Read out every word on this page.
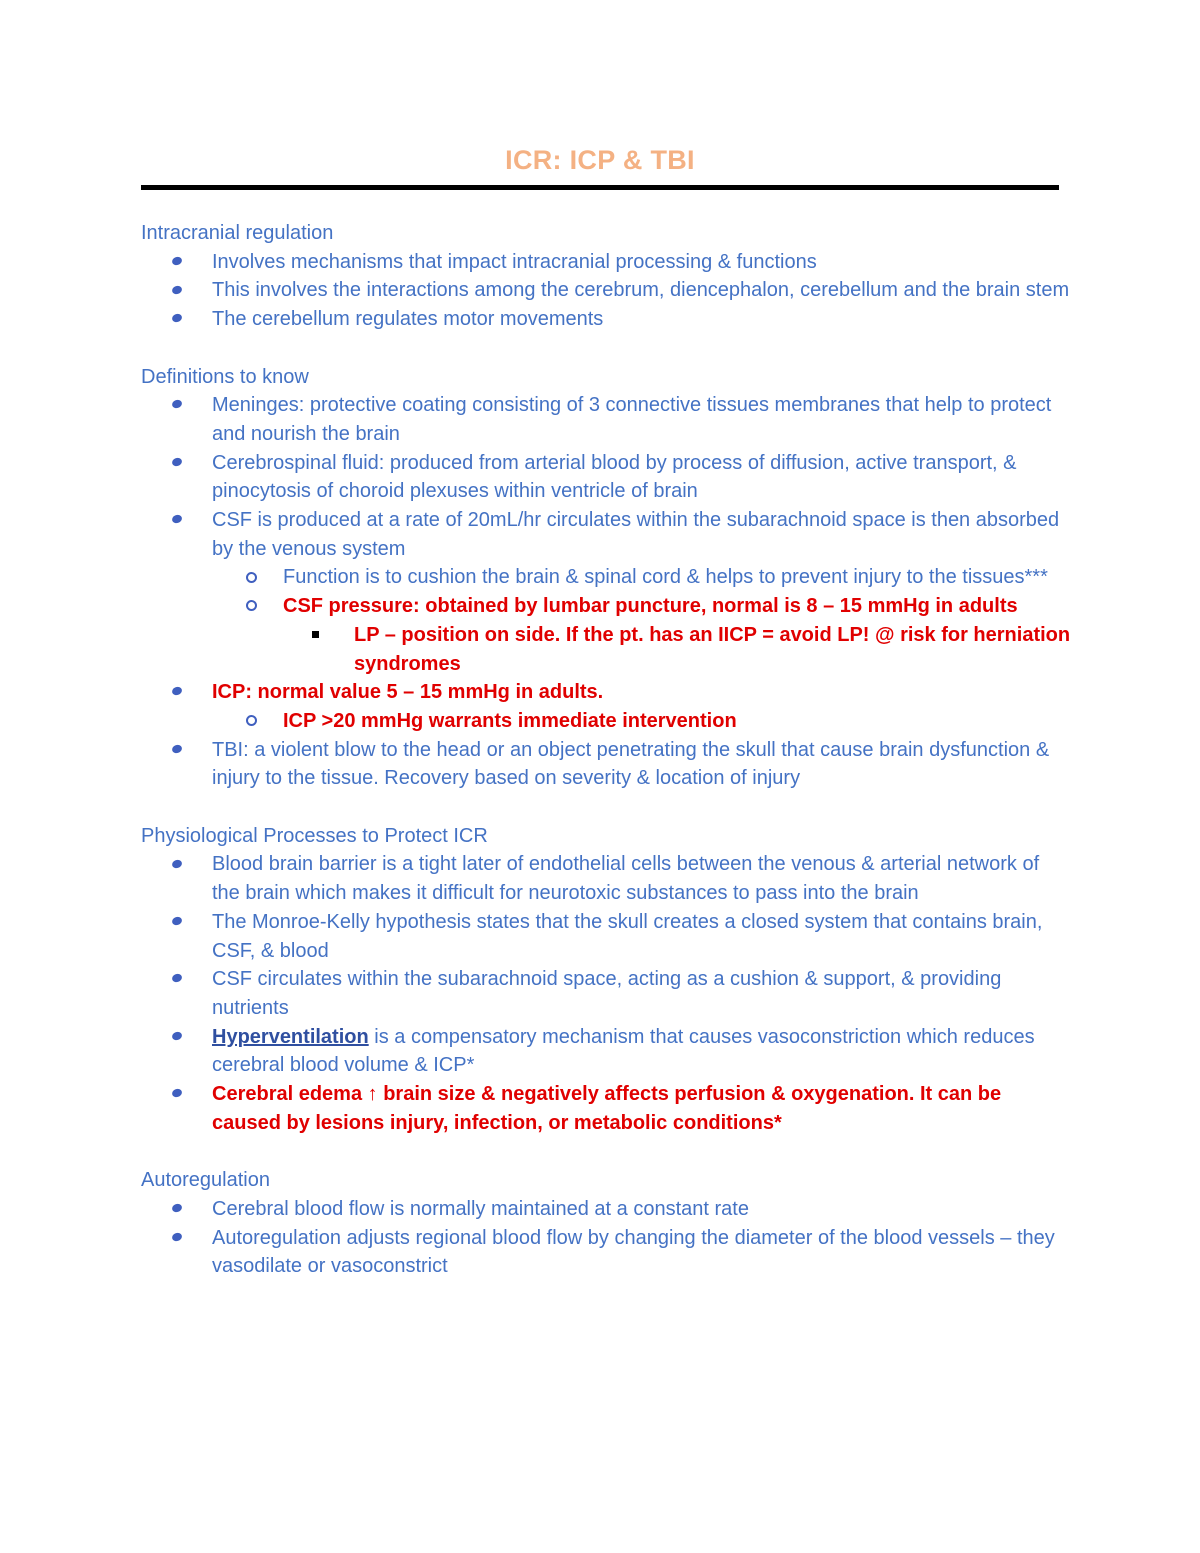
ICR: ICP & TBI
Intracranial regulation
Involves mechanisms that impact intracranial processing & functions
This involves the interactions among the cerebrum, diencephalon, cerebellum and the brain stem
The cerebellum regulates motor movements
Definitions to know
Meninges: protective coating consisting of 3 connective tissues membranes that help to protect and nourish the brain
Cerebrospinal fluid: produced from arterial blood by process of diffusion, active transport, & pinocytosis of choroid plexuses within ventricle of brain
CSF is produced at a rate of 20mL/hr circulates within the subarachnoid space is then absorbed by the venous system
Function is to cushion the brain & spinal cord & helps to prevent injury to the tissues***
CSF pressure: obtained by lumbar puncture, normal is 8 – 15 mmHg in adults
LP – position on side. If the pt. has an IICP = avoid LP! @ risk for herniation syndromes
ICP: normal value 5 – 15 mmHg in adults.
ICP >20 mmHg warrants immediate intervention
TBI: a violent blow to the head or an object penetrating the skull that cause brain dysfunction & injury to the tissue. Recovery based on severity & location of injury
Physiological Processes to Protect ICR
Blood brain barrier is a tight later of endothelial cells between the venous & arterial network of the brain which makes it difficult for neurotoxic substances to pass into the brain
The Monroe-Kelly hypothesis states that the skull creates a closed system that contains brain, CSF, & blood
CSF circulates within the subarachnoid space, acting as a cushion & support, & providing nutrients
Hyperventilation is a compensatory mechanism that causes vasoconstriction which reduces cerebral blood volume & ICP*
Cerebral edema ↑ brain size & negatively affects perfusion & oxygenation. It can be caused by lesions injury, infection, or metabolic conditions*
Autoregulation
Cerebral blood flow is normally maintained at a constant rate
Autoregulation adjusts regional blood flow by changing the diameter of the blood vessels – they vasodilate or vasoconstrict
